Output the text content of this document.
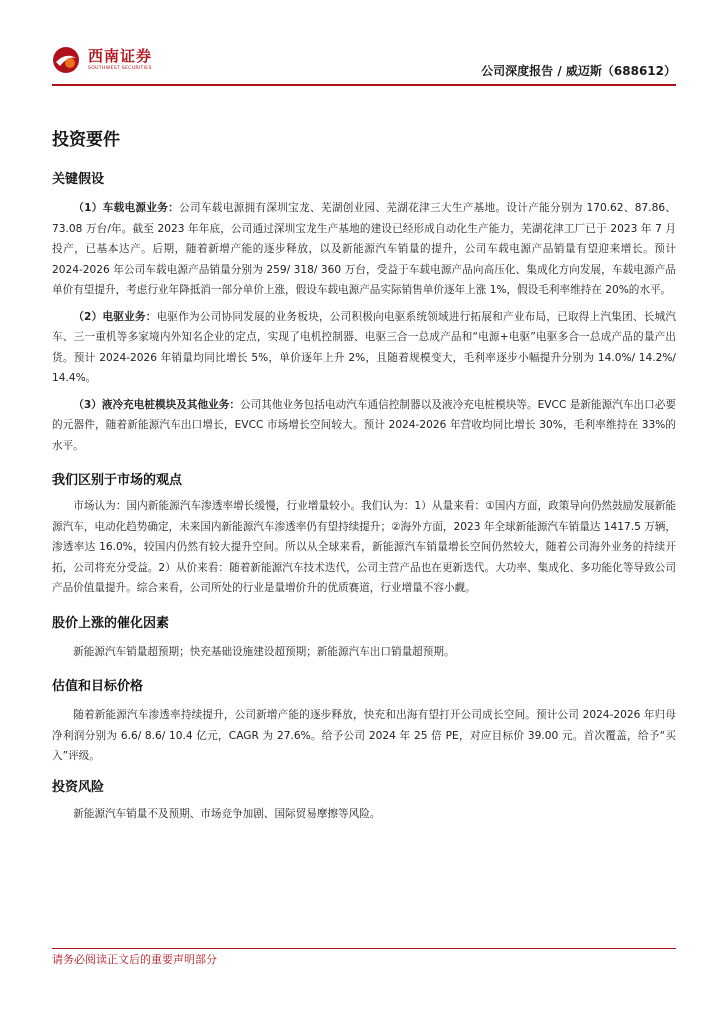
西南证券
SOUTHWEST SECURITIES	公司深度报告 / 威迈斯（688612）
投资要件
关键假设

（1）车载电源业务：公司车载电源拥有深圳宝龙、芜湖创业园、芜湖花津三大生产基地。设计产能分别为 170.62、87.86、73.08 万台/年。截至 2023 年年底，公司通过深圳宝龙生产基地的建设已经形成自动化生产能力，芜湖花津工厂已于 2023 年 7 月投产，已基本达产。后期，随着新增产能的逐步释放，以及新能源汽车销量的提升，公司车载电源产品销量有望迎来增长。预计 2024-2026 年公司车载电源产品销量分别为 259/ 318/ 360 万台，受益于车载电源产品向高压化、集成化方向发展，车载电源产品单价有望提升，考虑行业年降抵消一部分单价上涨，假设车载电源产品实际销售单价逐年上涨 1%，假设毛利率维持在 20%的水平。

（2）电驱业务：电驱作为公司协同发展的业务板块，公司积极向电驱系统领域进行拓展和产业布局，已取得上汽集团、长城汽车、三一重机等多家境内外知名企业的定点，实现了电机控制器、电驱三合一总成产品和“电源+电驱”电驱多合一总成产品的量产出货。预计 2024-2026 年销量均同比增长 5%，单价逐年上升 2%，且随着规模变大，毛利率逐步小幅提升分别为 14.0%/ 14.2%/ 14.4%。

（3）液冷充电桩模块及其他业务：公司其他业务包括电动汽车通信控制器以及液冷充电桩模块等。EVCC 是新能源汽车出口必要的元器件，随着新能源汽车出口增长，EVCC 市场增长空间较大。预计 2024-2026 年营收均同比增长 30%，毛利率维持在 33%的水平。

我们区别于市场的观点

市场认为：国内新能源汽车渗透率增长缓慢，行业增量较小。我们认为：1）从量来看：①国内方面，政策导向仍然鼓励发展新能源汽车，电动化趋势确定，未来国内新能源汽车渗透率仍有望持续提升；②海外方面，2023 年全球新能源汽车销量达 1417.5 万辆，渗透率达 16.0%，较国内仍然有较大提升空间。所以从全球来看，新能源汽车销量增长空间仍然较大，随着公司海外业务的持续开拓，公司将充分受益。2）从价来看：随着新能源汽车技术迭代，公司主营产品也在更新迭代。大功率、集成化、多功能化等导致公司产品价值量提升。综合来看，公司所处的行业是量增价升的优质赛道，行业增量不容小觑。

股价上涨的催化因素

新能源汽车销量超预期；快充基础设施建设超预期；新能源汽车出口销量超预期。

估值和目标价格

随着新能源汽车渗透率持续提升，公司新增产能的逐步释放，快充和出海有望打开公司成长空间。预计公司 2024-2026 年归母净利润分别为 6.6/ 8.6/ 10.4 亿元，CAGR 为 27.6%。给予公司 2024 年 25 倍 PE，对应目标价 39.00 元。首次覆盖，给予“买入”评级。

投资风险

新能源汽车销量不及预期、市场竞争加剧、国际贸易摩擦等风险。

请务必阅读正文后的重要声明部分
